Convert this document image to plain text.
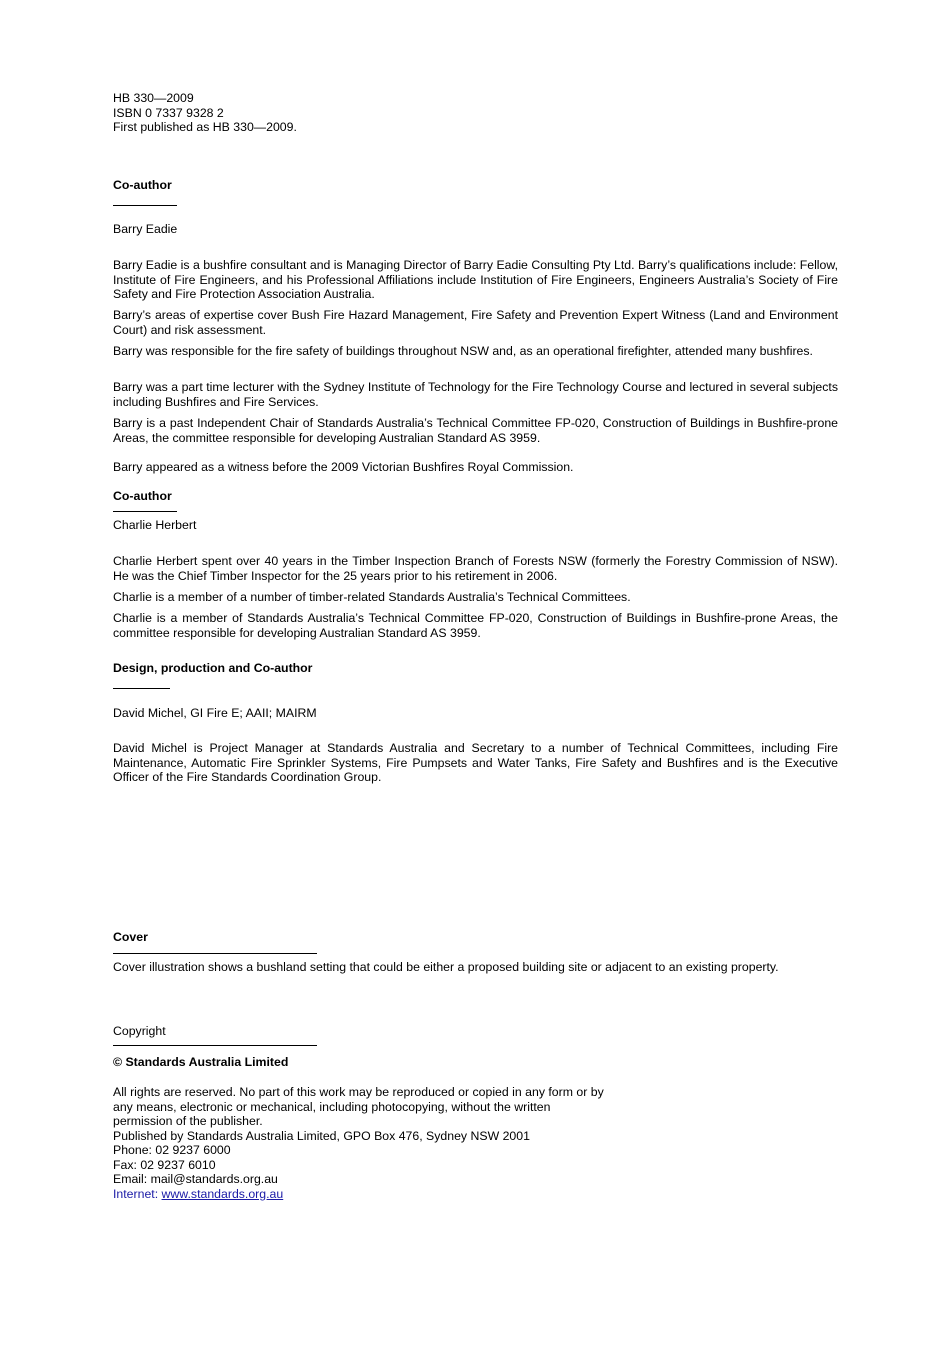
HB 330—2009
ISBN 0 7337 9328 2
First published as HB 330—2009.
Co-author
Barry Eadie

Barry Eadie is a bushfire consultant and is Managing Director of Barry Eadie Consulting Pty Ltd. Barry’s qualifications include: Fellow, Institute of Fire Engineers, and his Professional Affiliations include Institution of Fire Engineers, Engineers Australia’s Society of Fire Safety and Fire Protection Association Australia.

Barry’s areas of expertise cover Bush Fire Hazard Management, Fire Safety and Prevention Expert Witness (Land and Environment Court) and risk assessment.

Barry was responsible for the fire safety of buildings throughout NSW and, as an operational firefighter, attended many bushfires.

Barry was a part time lecturer with the Sydney Institute of Technology for the Fire Technology Course and lectured in several subjects including Bushfires and Fire Services.

Barry is a past Independent Chair of Standards Australia’s Technical Committee FP-020, Construction of Buildings in Bushfire-prone Areas, the committee responsible for developing Australian Standard AS 3959.

Barry appeared as a witness before the 2009 Victorian Bushfires Royal Commission.

Co-author
Charlie Herbert

Charlie Herbert spent over 40 years in the Timber Inspection Branch of Forests NSW (formerly the Forestry Commission of NSW). He was the Chief Timber Inspector for the 25 years prior to his retirement in 2006.

Charlie is a member of a number of timber-related Standards Australia’s Technical Committees.

Charlie is a member of Standards Australia’s Technical Committee FP-020, Construction of Buildings in Bushfire-prone Areas, the committee responsible for developing Australian Standard AS 3959.

Design, production and Co-author
David Michel, GI Fire E; AAII; MAIRM

David Michel is Project Manager at Standards Australia and Secretary to a number of Technical Committees, including Fire Maintenance, Automatic Fire Sprinkler Systems, Fire Pumpsets and Water Tanks, Fire Safety and Bushfires and is the Executive Officer of the Fire Standards Coordination Group.

Cover
Cover illustration shows a bushland setting that could be either a proposed building site or adjacent to an existing property.
Copyright
© Standards Australia Limited
All rights are reserved. No part of this work may be reproduced or copied in any form or by
any means, electronic or mechanical, including photocopying, without the written
permission of the publisher.
Published by Standards Australia Limited, GPO Box 476, Sydney NSW 2001
Phone: 02 9237 6000
Fax: 02 9237 6010
Email: mail@standards.org.au
Internet: www.standards.org.au
